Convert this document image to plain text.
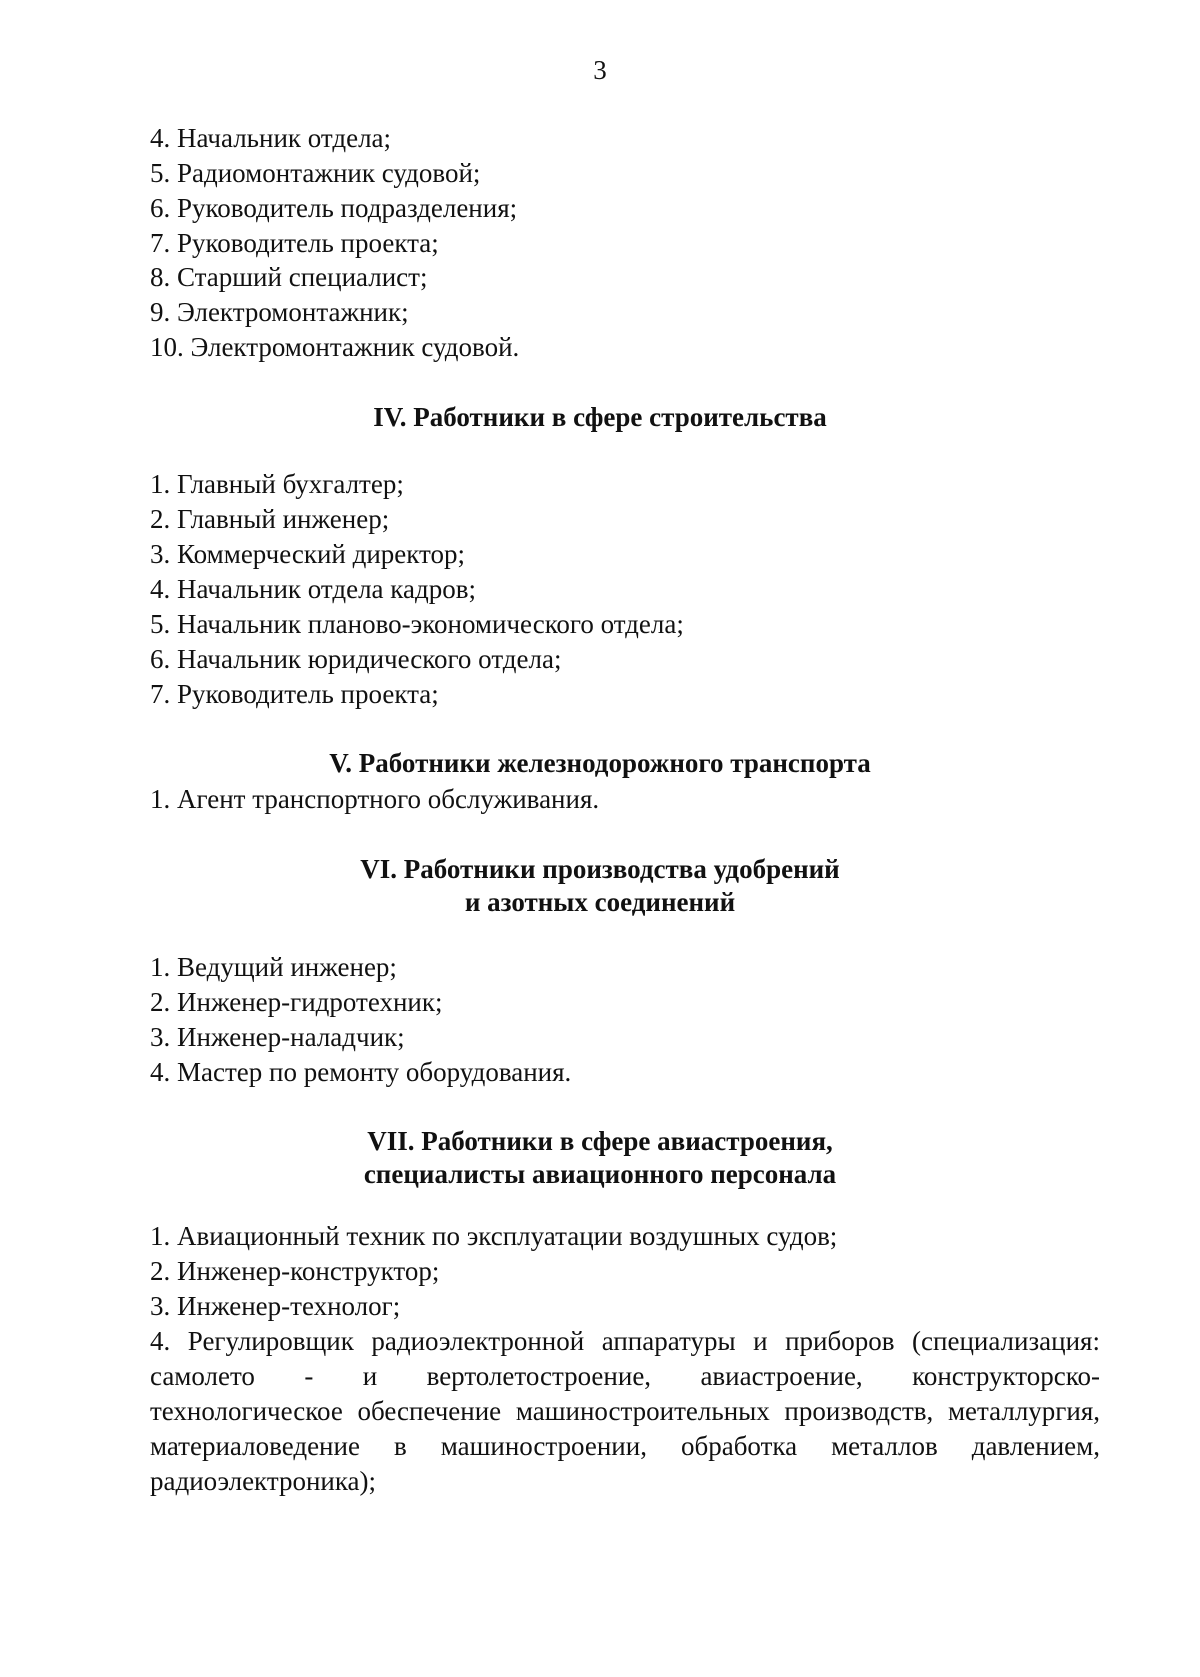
3
4. Начальник отдела;
5. Радиомонтажник судовой;
6. Руководитель подразделения;
7. Руководитель проекта;
8. Старший специалист;
9. Электромонтажник;
10. Электромонтажник судовой.
IV. Работники в сфере строительства
1. Главный бухгалтер;
2. Главный инженер;
3. Коммерческий директор;
4. Начальник отдела кадров;
5. Начальник планово-экономического отдела;
6. Начальник юридического отдела;
7. Руководитель проекта;
V. Работники железнодорожного транспорта
1. Агент транспортного обслуживания.
VI. Работники производства удобрений
и азотных соединений
1. Ведущий инженер;
2. Инженер-гидротехник;
3. Инженер-наладчик;
4. Мастер по ремонту оборудования.
VII. Работники в сфере авиастроения,
специалисты авиационного персонала
1. Авиационный техник по эксплуатации воздушных судов;
2. Инженер-конструктор;
3. Инженер-технолог;
4. Регулировщик радиоэлектронной аппаратуры и приборов (специализация:
самолето - и вертолетостроение, авиастроение, конструкторско-
технологическое обеспечение машиностроительных производств, металлургия,
материаловедение в машиностроении, обработка металлов давлением,
радиоэлектроника);
